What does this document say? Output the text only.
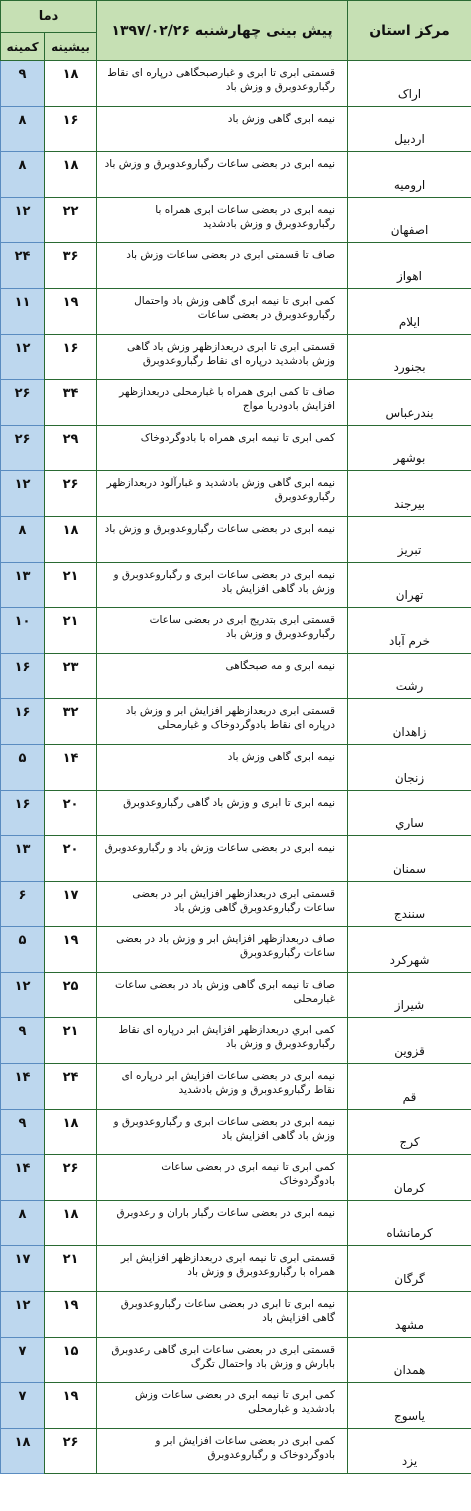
مرکز استان	پیش بینی چهارشنبه ۱۳۹۷/۰۲/۲۶	دما	
		بیشینه	کمینه
اراک	قسمتی ابری تا ابری و غبارصبحگاهی درپاره ای نقاط رگباروعدوبرق و وزش باد	۱۸	۹
اردبیل	نیمه ابری گاهی وزش باد	۱۶	۸
ارومیه	نیمه ابری در بعضی ساعات رگباروعدوبرق و وزش باد	۱۸	۸
اصفهان	نیمه ابری در بعضی ساعات ابری همراه با رگباروعدوبرق و وزش بادشدید	۲۲	۱۲
اهواز	صاف تا قسمتی ابری در بعضی ساعات وزش باد	۳۶	۲۴
ایلام	کمی ابری تا نیمه ابری گاهی وزش باد واحتمال رگباروعدوبرق در بعضی ساعات	۱۹	۱۱
بجنورد	قسمتی ابری تا ابری دربعدازظهر وزش باد گاهی وزش بادشدید درپاره ای نقاط رگباروعدوبرق	۱۶	۱۲
بندرعباس	صاف تا کمی ابری همراه با غبارمحلی دربعدازظهر افزایش بادودریا مواج	۳۴	۲۶
بوشهر	کمی ابری تا نیمه ابری همراه با بادوگردوخاک	۲۹	۲۶
بیرجند	نیمه ابری گاهی وزش بادشدید و غبارآلود دربعدازظهر رگباروعدوبرق	۲۶	۱۲
تبریز	نیمه ابری در بعضی ساعات رگباروعدوبرق و وزش باد	۱۸	۸
تهران	نیمه ابری در بعضی ساعات ابری و رگباروعدوبرق و وزش باد گاهی افزایش باد	۲۱	۱۳
خرم آباد	قسمتی ابری بتدریج ابری در بعضی ساعات رگباروعدوبرق و وزش باد	۲۱	۱۰
رشت	نیمه ابری و مه صبحگاهی	۲۳	۱۶
زاهدان	قسمتی ابری دربعدازظهر افزایش ابر و وزش باد درپاره ای نقاط بادوگردوخاک و غبارمحلی	۳۲	۱۶
زنجان	نیمه ابری گاهی وزش باد	۱۴	۵
ساري	نیمه ابری تا ابری و وزش باد گاهی رگباروعدوبرق	۲۰	۱۶
سمنان	نیمه ابری در بعضی ساعات وزش باد و رگباروعدوبرق	۲۰	۱۳
سنندج	قسمتی ابری دربعدازظهر افزایش ابر در بعضی ساعات رگباروعدوبرق گاهی وزش باد	۱۷	۶
شهرکرد	صاف دربعدازظهر افزایش ابر و وزش باد در بعضی ساعات رگباروعدوبرق	۱۹	۵
شیراز	صاف تا نیمه ابری گاهی وزش باد در بعضی ساعات غبارمحلی	۲۵	۱۲
قزوین	کمی ابري دربعدازظهر افزايش ابر درپاره ای نقاط رگباروعدوبرق و وزش باد	۲۱	۹
قم	نیمه ابری در بعضی ساعات افزایش ابر درپاره ای نقاط رگباروعدوبرق و وزش بادشدید	۲۴	۱۴
کرج	نیمه ابری در بعضی ساعات ابری و رگباروعدوبرق و وزش باد گاهی افزایش باد	۱۸	۹
کرمان	کمی ابری تا نیمه ابری در بعضی ساعات بادوگردوخاک	۲۶	۱۴
کرمانشاه	نیمه ابری در بعضی ساعات رگبار باران و رعدوبرق	۱۸	۸
گرگان	قسمتی ابری تا نیمه ابری دربعدازظهر افزایش ابر همراه با رگباروعدوبرق و وزش باد	۲۱	۱۷
مشهد	نیمه ابری تا ابری در بعضی ساعات رگباروعدوبرق گاهی افزایش باد	۱۹	۱۲
همدان	قسمتی ابری در بعضی ساعات ابری گاهی رعدوبرق بابارش و وزش باد واحتمال تگرگ	۱۵	۷
یاسوج	کمی ابری تا نیمه ابری در بعضی ساعات وزش بادشدید و غبارمحلی	۱۹	۷
یزد	کمی ابری در بعضی ساعات افزایش ابر و بادوگردوخاک و رگباروعدوبرق	۲۶	۱۸
